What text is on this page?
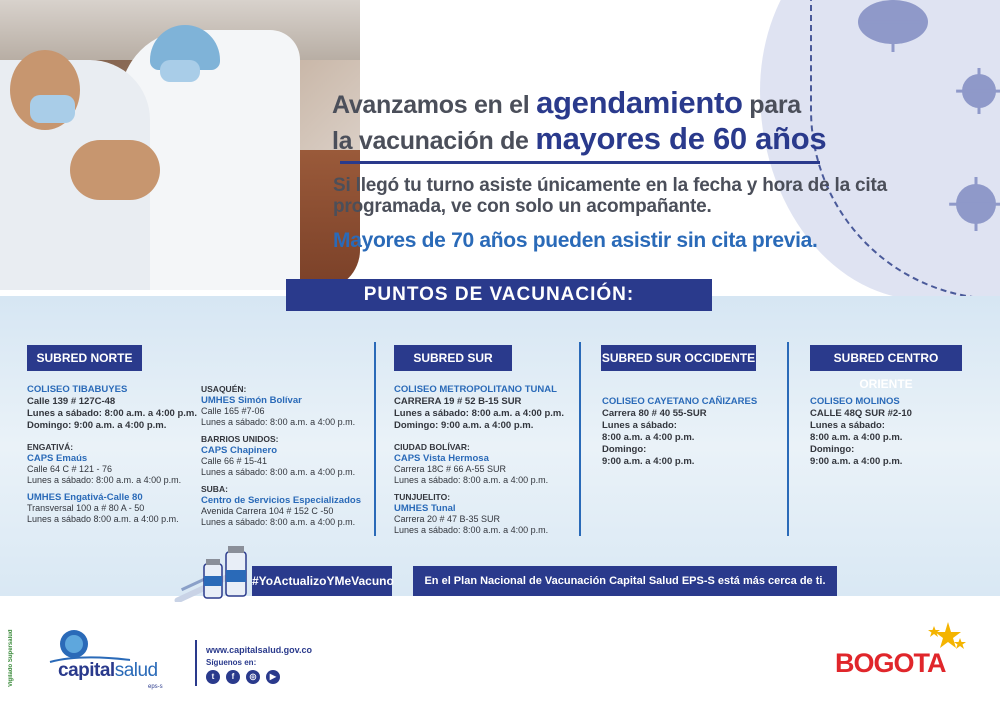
Avanzamos en el agendamiento para
la vacunación de mayores de 60 años
Si llegó tu turno asiste únicamente en la fecha y hora de la cita
programada, ve con solo un acompañante.
Mayores de 70 años pueden asistir sin cita previa.
PUNTOS DE VACUNACIÓN:
SUBRED NORTE
COLISEO TIBABUYES
Calle 139 # 127C-48
Lunes a sábado: 8:00 a.m. a 4:00 p.m.
Domingo: 9:00 a.m. a 4:00 p.m.
ENGATIVÁ:
CAPS Emaús
Calle 64 C # 121 - 76
Lunes a sábado: 8:00 a.m. a 4:00 p.m.
UMHES Engativá-Calle 80
Transversal 100 a # 80 A - 50
Lunes a sábado 8:00 a.m. a 4:00 p.m.
USAQUÉN:
UMHES Simón Bolívar
Calle 165 #7-06
Lunes a sábado: 8:00 a.m. a 4:00 p.m.
BARRIOS UNIDOS:
CAPS Chapinero
Calle 66 # 15-41
Lunes a sábado: 8:00 a.m. a 4:00 p.m.
SUBA:
Centro de Servicios Especializados
Avenida Carrera 104 # 152 C -50
Lunes a sábado: 8:00 a.m. a 4:00 p.m.
SUBRED SUR
COLISEO METROPOLITANO TUNAL
CARRERA 19 # 52 B-15 SUR
Lunes a sábado: 8:00 a.m. a 4:00 p.m.
Domingo: 9:00 a.m. a 4:00 p.m.
CIUDAD BOLÍVAR:
CAPS Vista Hermosa
Carrera 18C # 66 A-55 SUR
Lunes a sábado: 8:00 a.m. a 4:00 p.m.
TUNJUELITO:
UMHES Tunal
Carrera 20 # 47 B-35 SUR
Lunes a sábado: 8:00 a.m. a 4:00 p.m.
SUBRED SUR OCCIDENTE
COLISEO CAYETANO CAÑIZARES
Carrera 80 # 40 55-SUR
Lunes a sábado:
8:00 a.m. a 4:00 p.m.
Domingo:
9:00 a.m. a 4:00 p.m.
SUBRED CENTRO ORIENTE
COLISEO MOLINOS
CALLE 48Q SUR #2-10
Lunes a sábado:
8:00 a.m. a 4:00 p.m.
Domingo:
9:00 a.m. a 4:00 p.m.
#YoActualizoYMeVacuno	En el Plan Nacional de Vacunación Capital Salud EPS-S está más cerca de ti.
Vigilado Supersalud	capitalsalud
eps-s
www.capitalsalud.gov.co
Síguenos en:
t	f	◎	▶	BOGOTA
